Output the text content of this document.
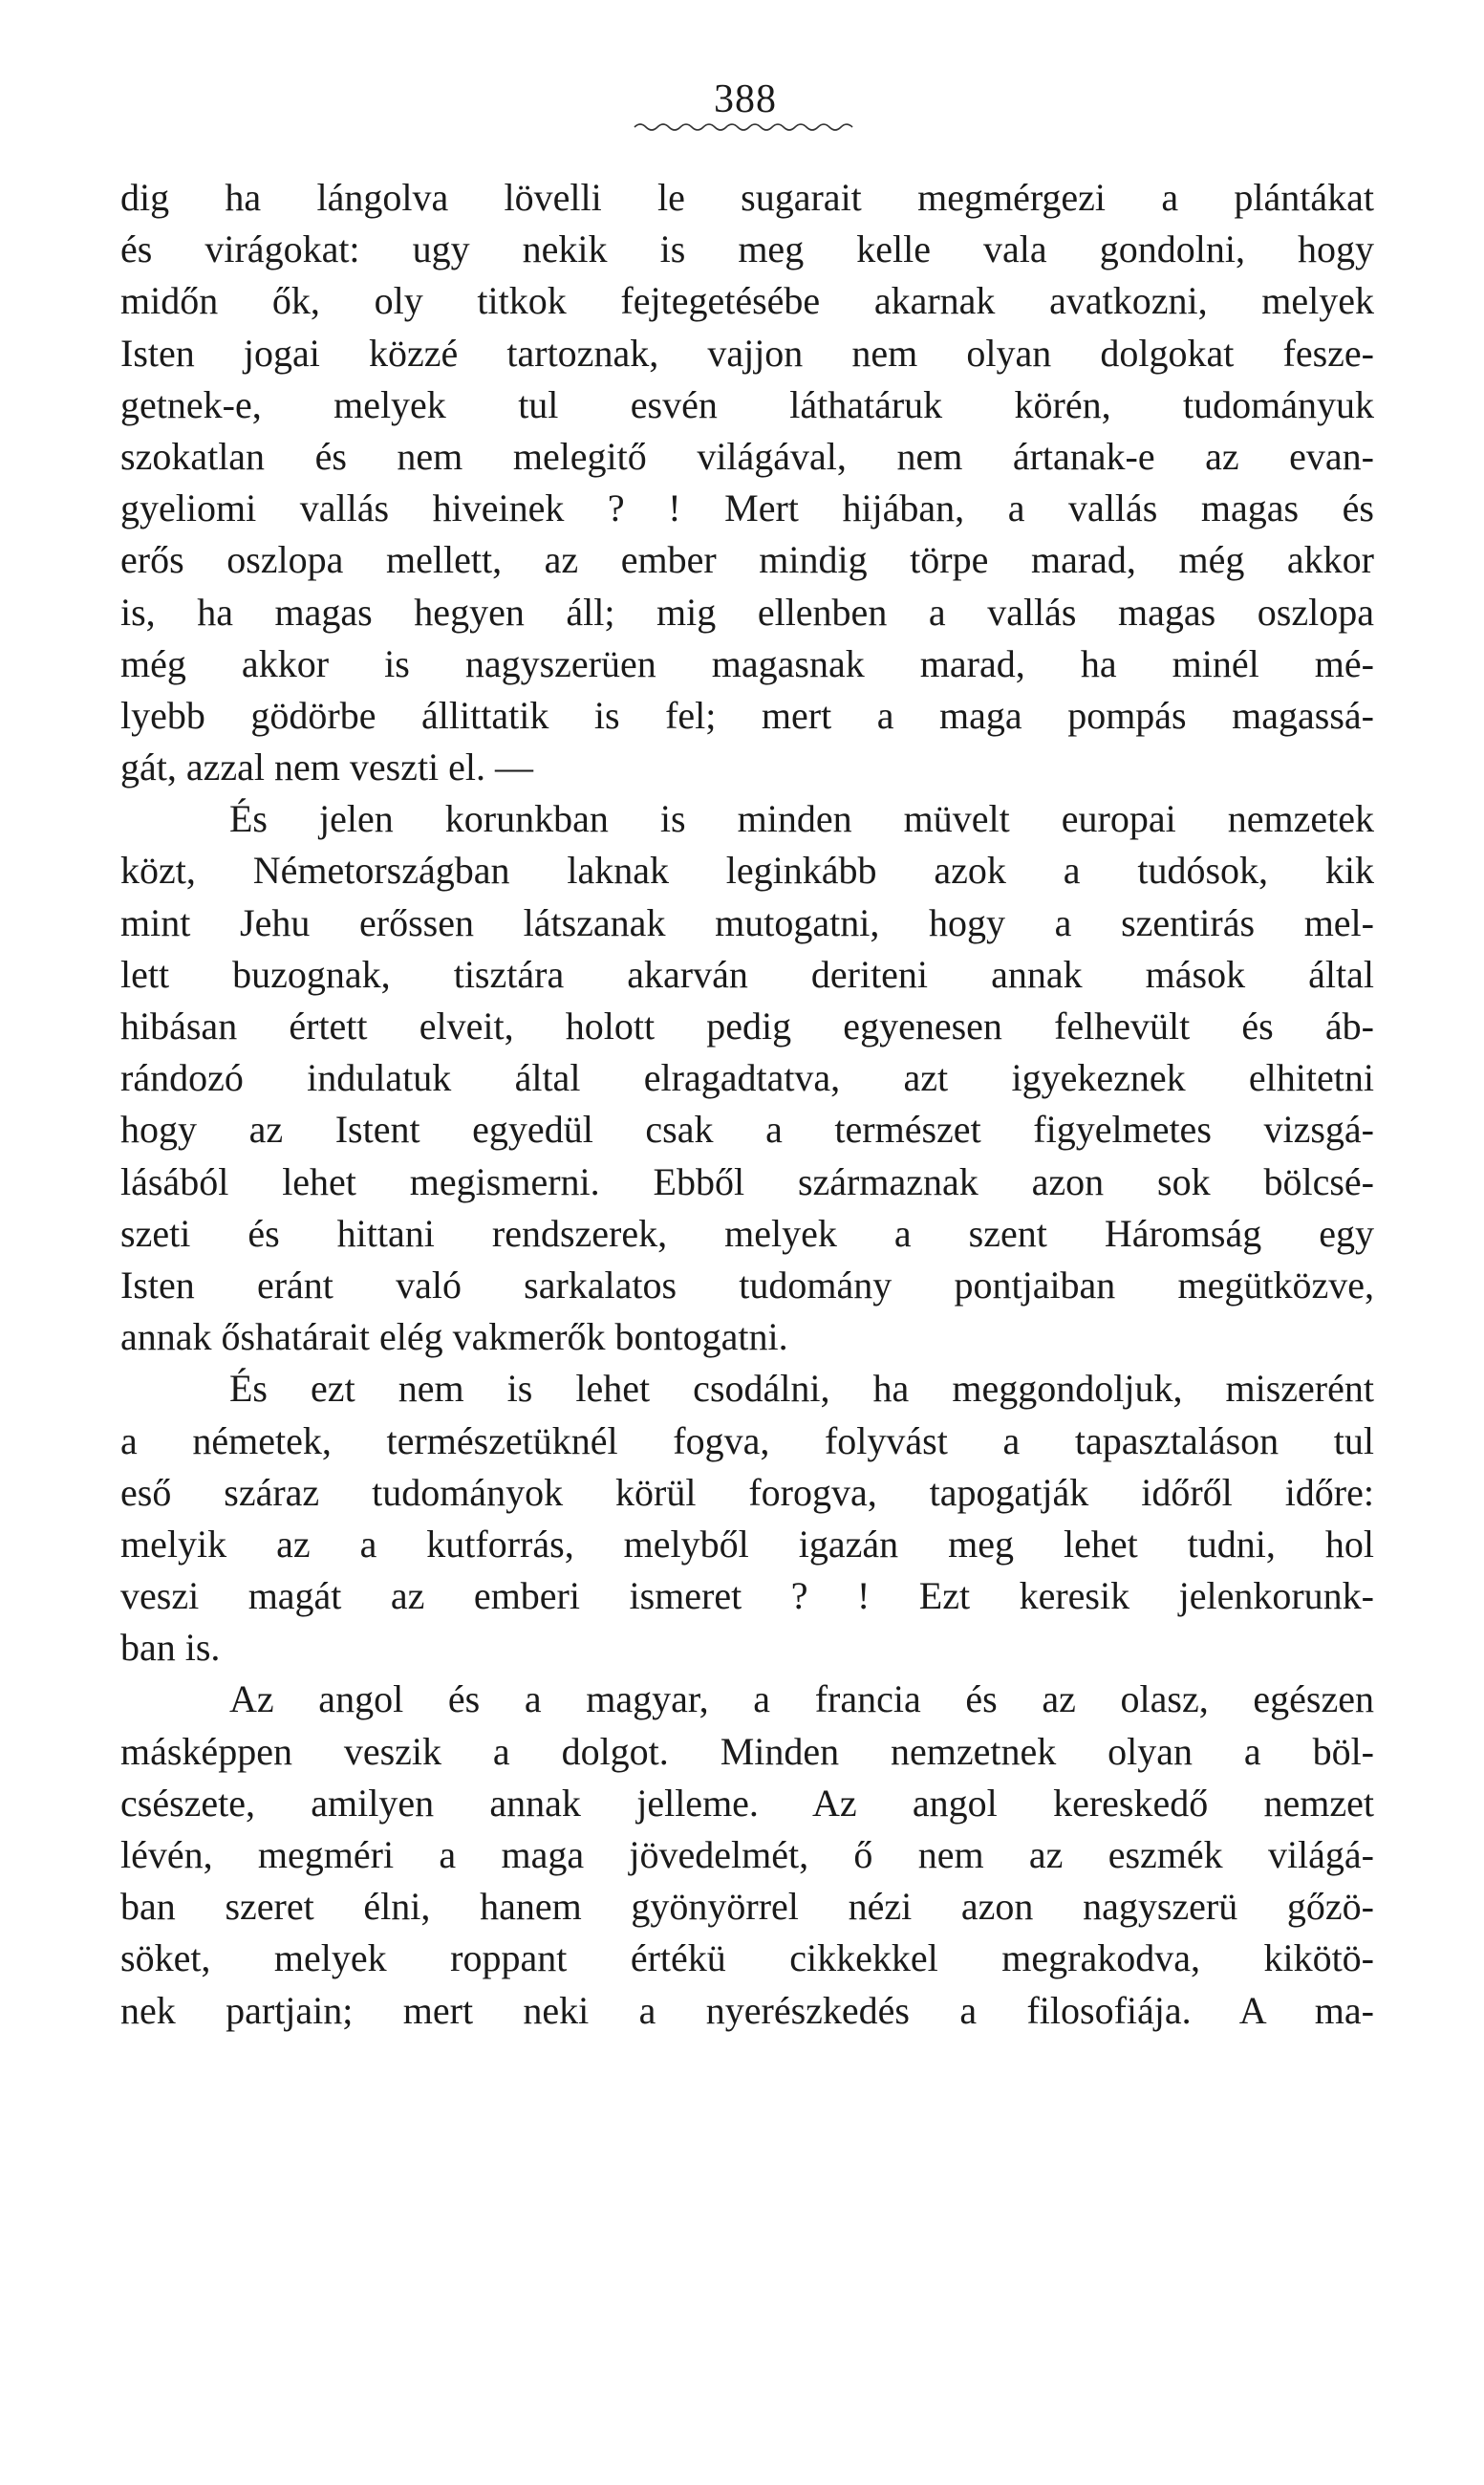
388
dig ha lángolva lövelli le sugarait megmérgezi a plántákat
és virágokat: ugy nekik is meg kelle vala gondolni, hogy
midőn ők, oly titkok fejtegetésébe akarnak avatkozni, melyek
Isten jogai közzé tartoznak, vajjon nem olyan dolgokat feszе-
getnek-e, melyek tul esvén láthatáruk körén, tudományuk
szokatlan és nem melegitő világával, nem ártanak-e az evan-
gyeliomi vallás hiveinek ? ! Mert hijában, a vallás magas és
erős oszlopa mellett, az ember mindig törpe marad, még akkor
is, ha magas hegyen áll; mig ellenben a vallás magas oszlopa
még akkor is nagyszerüen magasnak marad, ha minél mé-
lyebb gödörbe állittatik is fel; mert a maga pompás magassá-
gát, azzal nem veszti el. —
És jelen korunkban is minden müvelt europai nemzetek
közt, Németországban laknak leginkább azok a tudósok, kik
mint Jehu erőssen látszanak mutogatni, hogy a szentirás mel-
lett buzognak, tisztára akarván deriteni annak mások által
hibásan értett elveit, holott pedig egyenesen felhevült és áb-
rándozó indulatuk által elragadtatva, azt igyekeznek elhitetni
hogy az Istent egyedül csak a természet figyelmetes vizsgá-
lásából lehet megismerni. Ebből származnak azon sok bölcsé-
szeti és hittani rendszerek, melyek a szent Háromság egy
Isten eránt való sarkalatos tudomány pontjaiban megütközve,
annak őshatárait elég vakmerők bontogatni.
És ezt nem is lehet csodálni, ha meggondoljuk, miszerént
a németek, természetüknél fogva, folyvást a tapasztaláson tul
eső száraz tudományok körül forogva, tapogatják időről időre:
melyik az a kutforrás, melyből igazán meg lehet tudni, hol
veszi magát az emberi ismeret ? ! Ezt keresik jelenkorunk-
ban is.
Az angol és a magyar, a francia és az olasz, egészen
másképpen veszik a dolgot. Minden nemzetnek olyan a böl-
csészete, amilyen annak jelleme. Az angol kereskedő nemzet
lévén, megméri a maga jövedelmét, ő nem az eszmék világá-
ban szeret élni, hanem gyönyörrel nézi azon nagyszerü gőzö-
söket, melyek roppant értékü cikkekkel megrakodva, kikötö-
nek partjain; mert neki a nyerészkedés a filosofiája. A ma-
